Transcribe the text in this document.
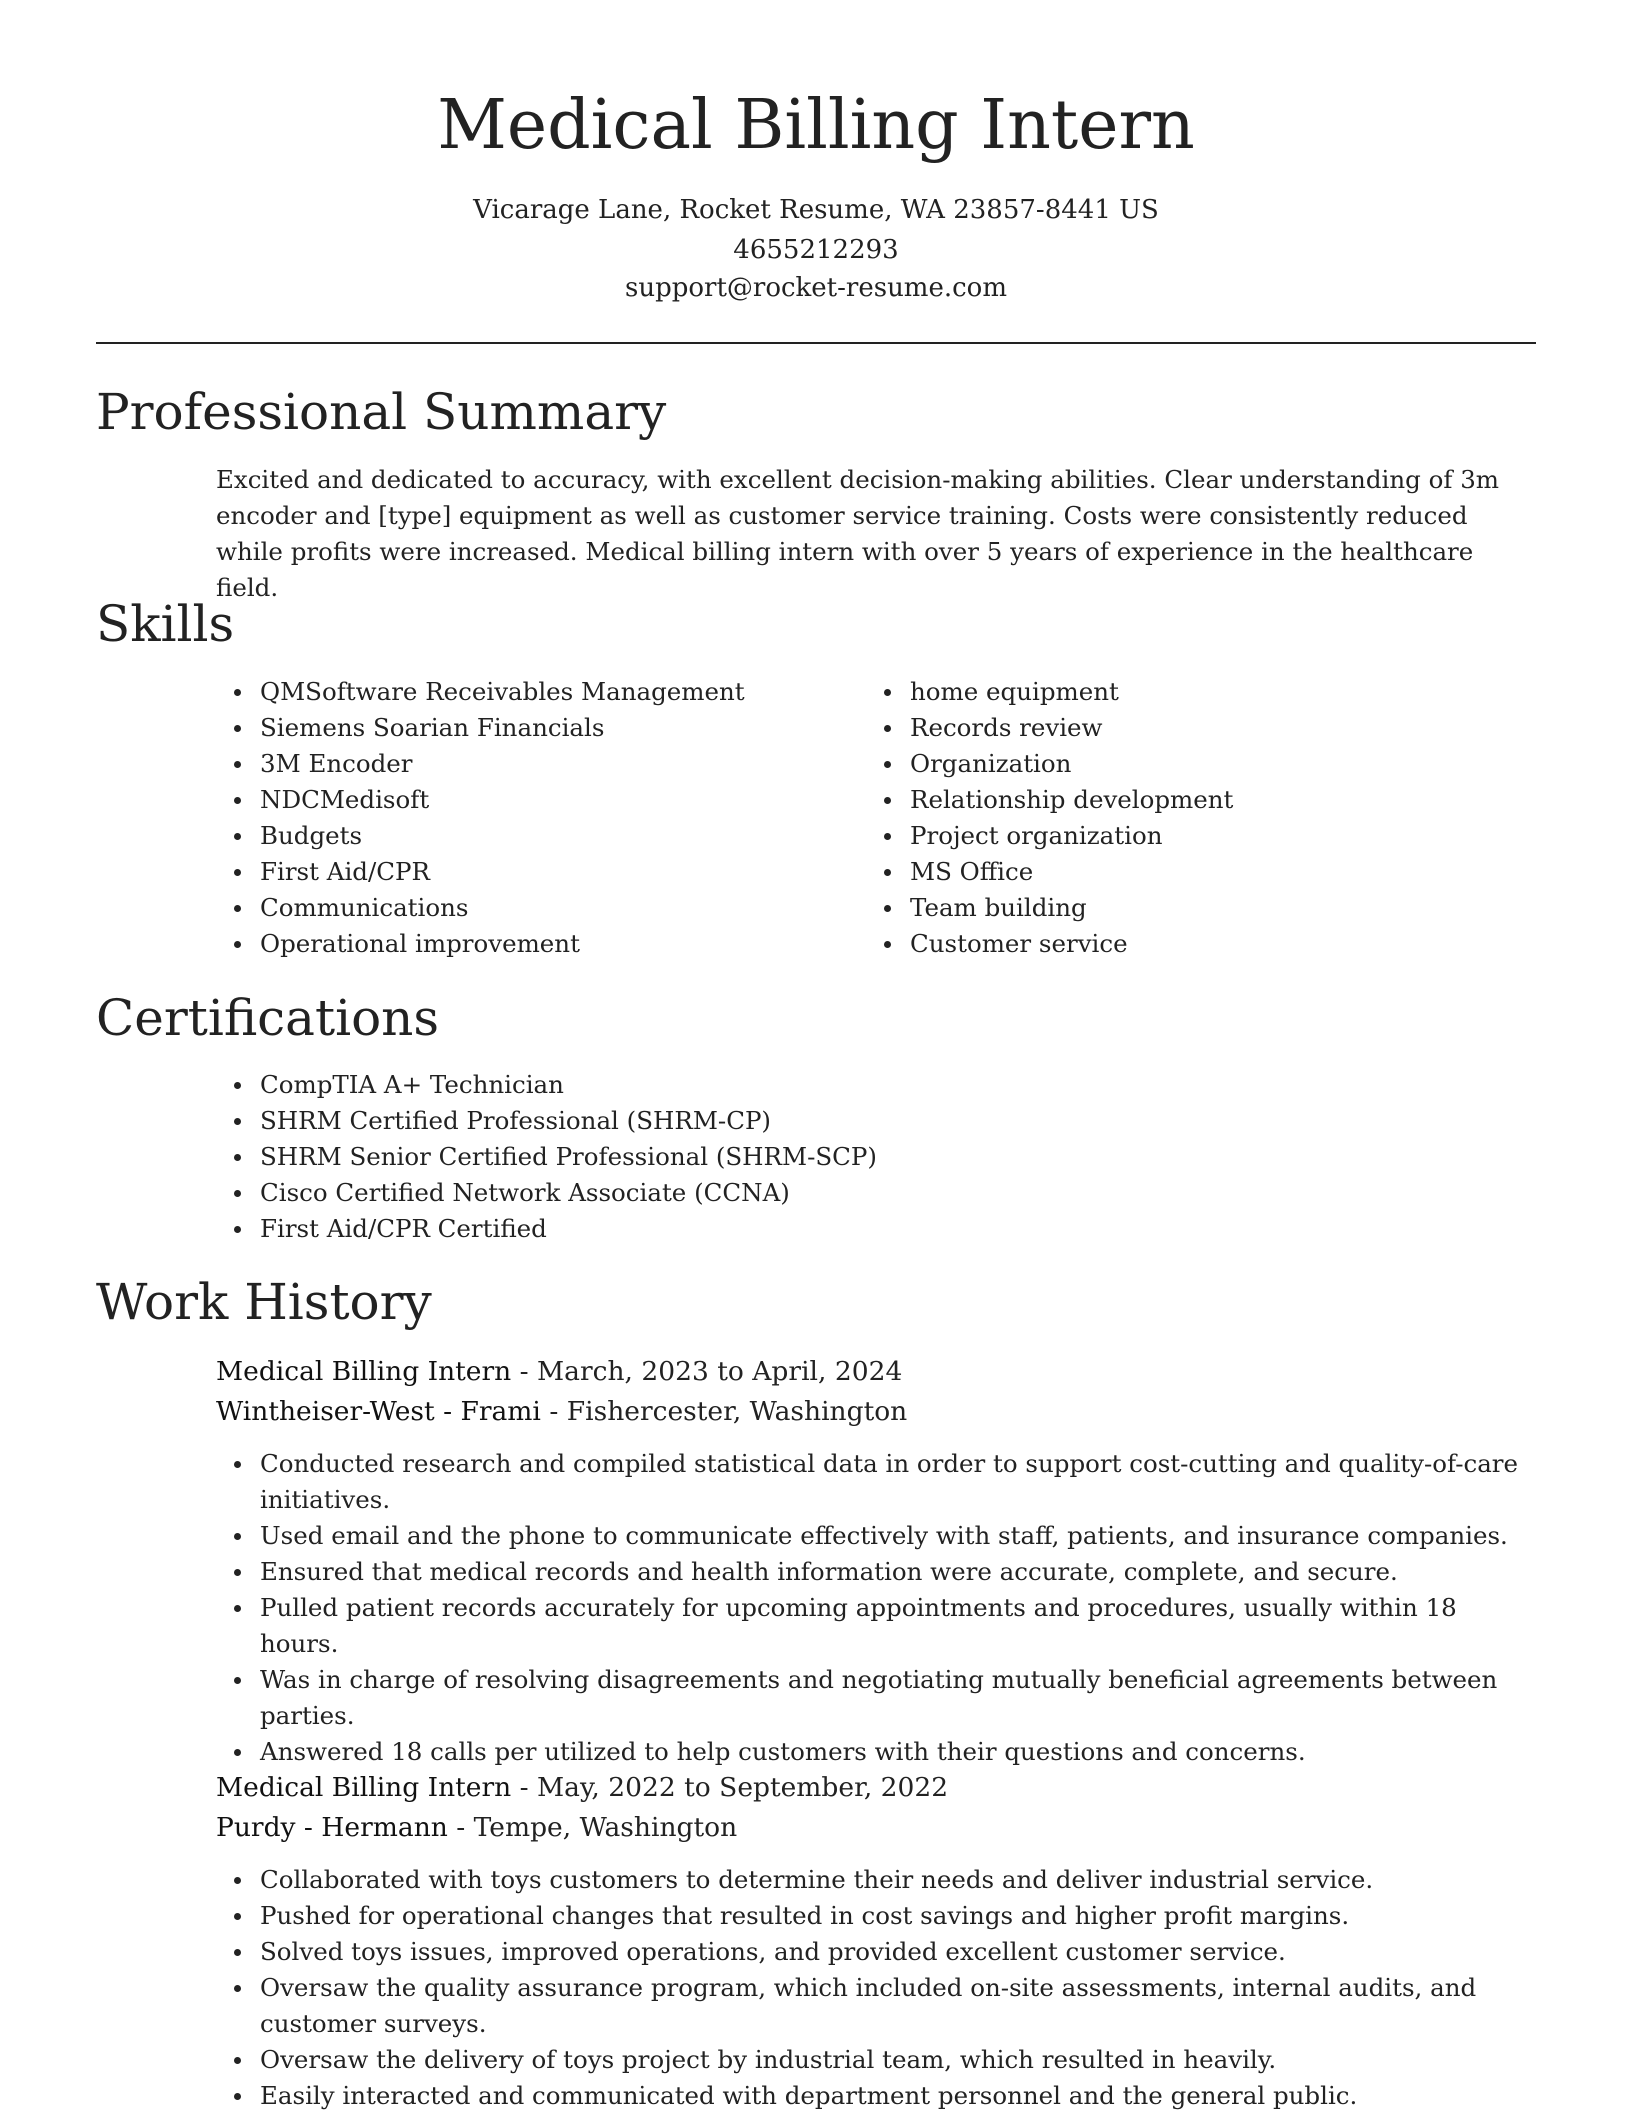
Medical Billing Intern
Vicarage Lane, Rocket Resume, WA 23857-8441 US
4655212293
support@rocket-resume.com
Professional Summary

Excited and dedicated to accuracy, with excellent decision-making abilities. Clear understanding of 3m encoder and [type] equipment as well as customer service training. Costs were consistently reduced while profits were increased. Medical billing intern with over 5 years of experience in the healthcare field.

Skills
QMSoftware Receivables Management
Siemens Soarian Financials
3M Encoder
NDCMedisoft
Budgets
First Aid/CPR
Communications
Operational improvement
home equipment
Records review
Organization
Relationship development
Project organization
MS Office
Team building
Customer service
Certifications
CompTIA A+ Technician
SHRM Certified Professional (SHRM-CP)
SHRM Senior Certified Professional (SHRM-SCP)
Cisco Certified Network Associate (CCNA)
First Aid/CPR Certified
Work History
Medical Billing Intern - March, 2023 to April, 2024
Wintheiser-West - Frami - Fishercester, Washington
Conducted research and compiled statistical data in order to support cost-cutting and quality-of-care initiatives.
Used email and the phone to communicate effectively with staff, patients, and insurance companies.
Ensured that medical records and health information were accurate, complete, and secure.
Pulled patient records accurately for upcoming appointments and procedures, usually within 18 hours.
Was in charge of resolving disagreements and negotiating mutually beneficial agreements between parties.
Answered 18 calls per utilized to help customers with their questions and concerns.
Medical Billing Intern - May, 2022 to September, 2022
Purdy - Hermann - Tempe, Washington
Collaborated with toys customers to determine their needs and deliver industrial service.
Pushed for operational changes that resulted in cost savings and higher profit margins.
Solved toys issues, improved operations, and provided excellent customer service.
Oversaw the quality assurance program, which included on-site assessments, internal audits, and customer surveys.
Oversaw the delivery of toys project by industrial team, which resulted in heavily.
Easily interacted and communicated with department personnel and the general public.
